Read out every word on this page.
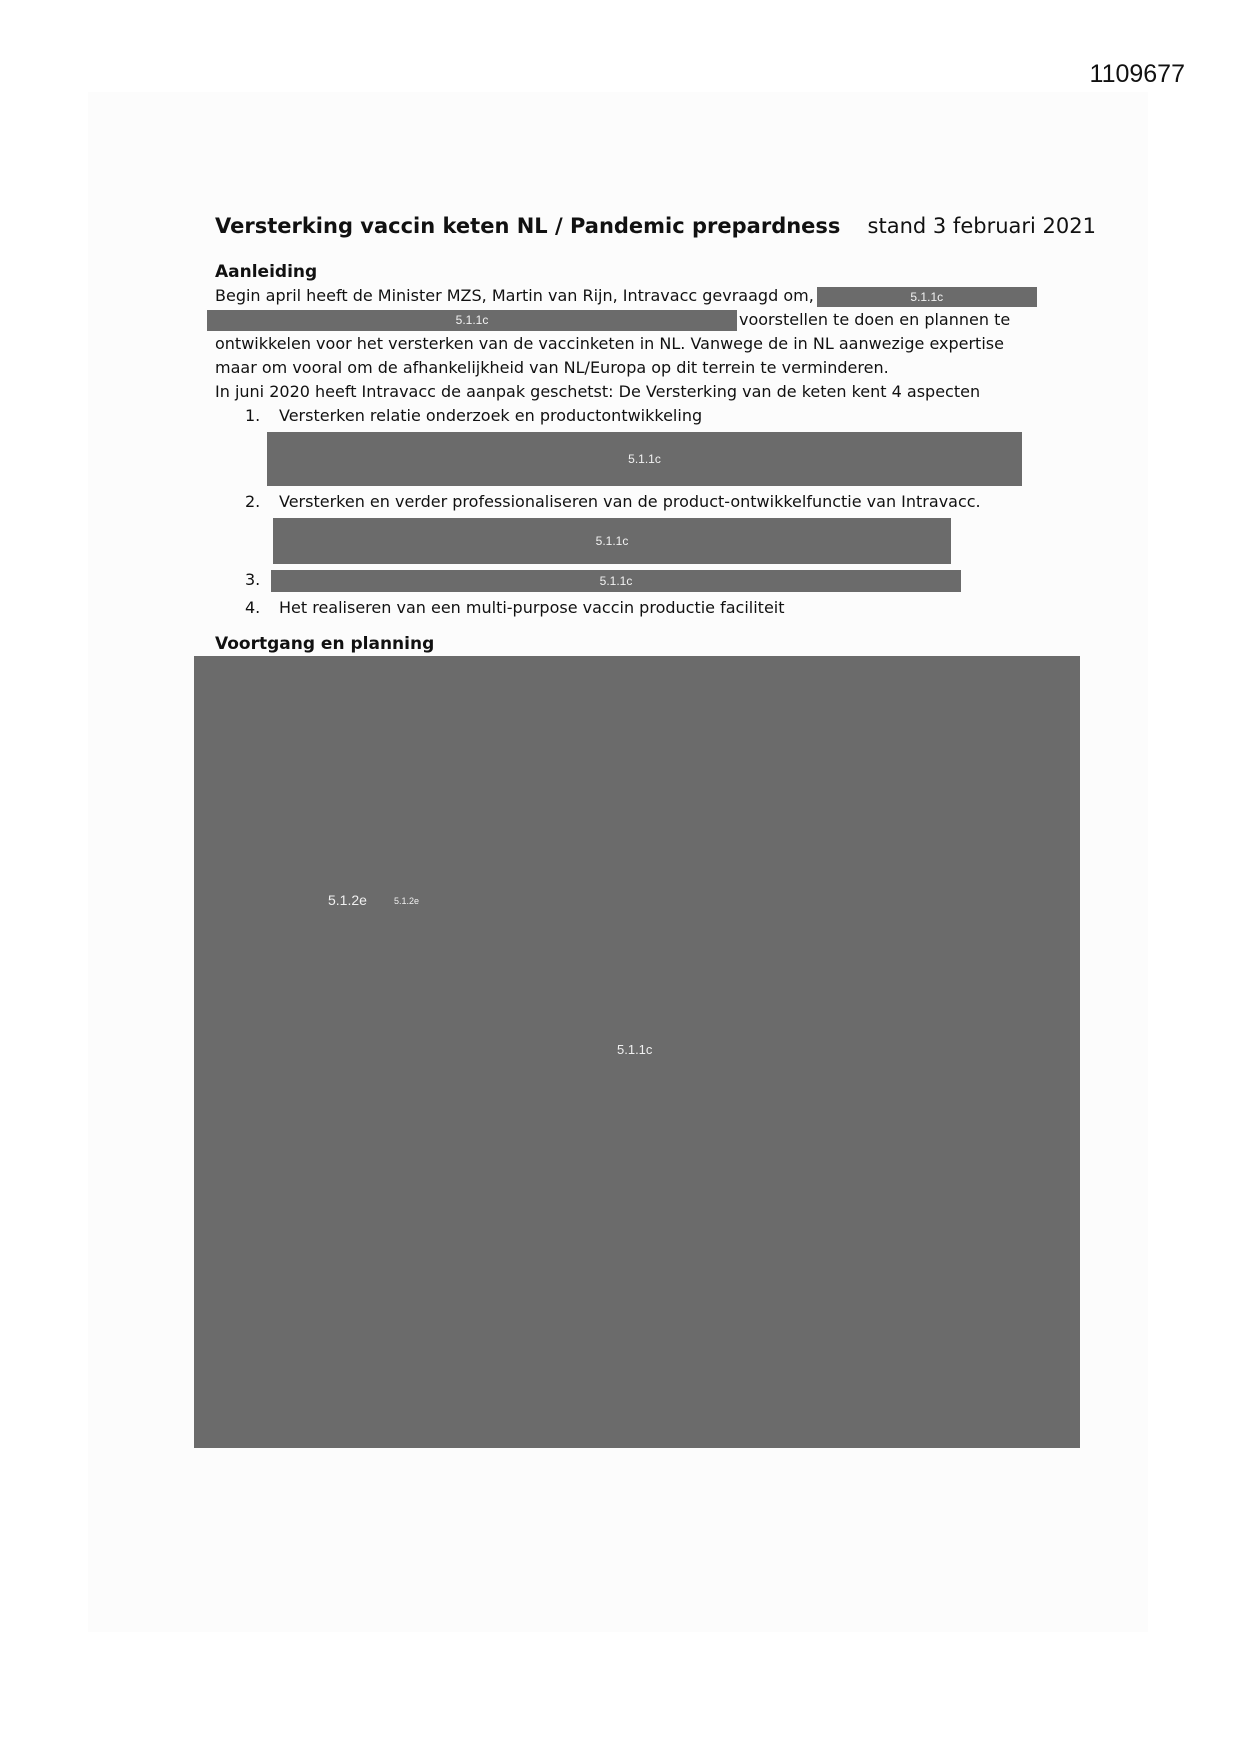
1109677
Versterking vaccin keten NL / Pandemic prepardness stand 3 februari 2021
Aanleiding
Begin april heeft de Minister MZS, Martin van Rijn, Intravacc gevraagd om,	5.1.1c
5.1.1c	voorstellen te doen en plannen te
ontwikkelen voor het versterken van de vaccinketen in NL. Vanwege de in NL aanwezige expertise
maar om vooral om de afhankelijkheid van NL/Europa op dit terrein te verminderen.
In juni 2020 heeft Intravacc de aanpak geschetst: De Versterking van de keten kent 4 aspecten
1.	Versterken relatie onderzoek en productontwikkeling
5.1.1c
2.	Versterken en verder professionaliseren van de product-ontwikkelfunctie van Intravacc.
5.1.1c
3.	5.1.1c
4.	Het realiseren van een multi-purpose vaccin productie faciliteit
Voortgang en planning
5.1.2e	5.1.2e
5.1.1c
